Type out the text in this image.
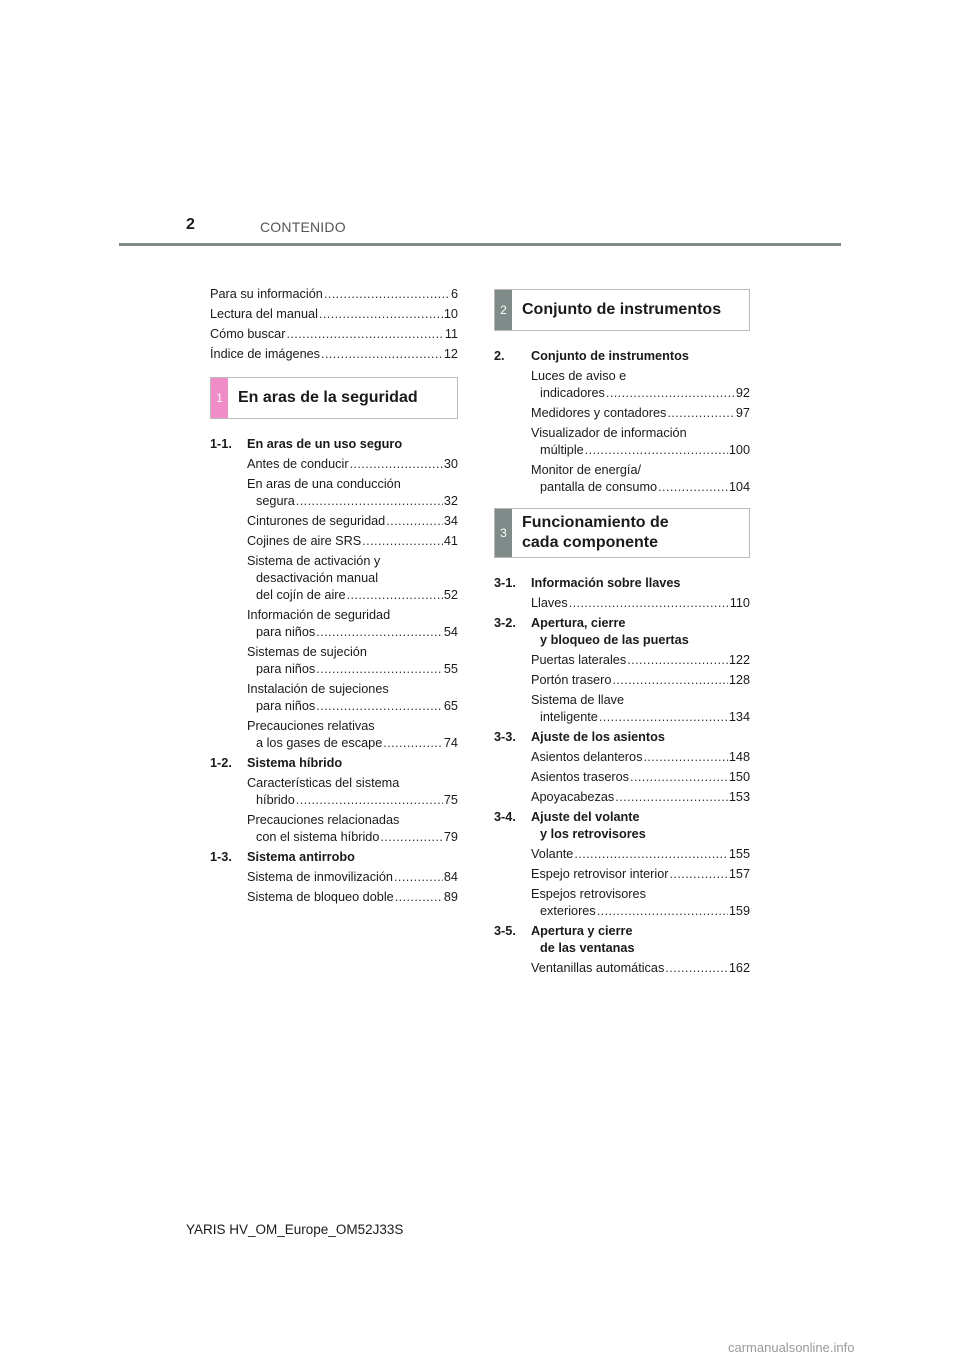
2	CONTENIDO
Para su información .....	6
Lectura del manual .....	10
Cómo buscar .....	11
Índice de imágenes .....	12
1 En aras de la seguridad
1-1.	En aras de un uso seguro
Antes de conducir .....	30
En aras de una conducción
segura .....	32
Cinturones de seguridad .....	34
Cojines de aire SRS .....	41
Sistema de activación y
desactivación manual
del cojín de aire .....	52
Información de seguridad
para niños .....	54
Sistemas de sujeción
para niños .....	55
Instalación de sujeciones
para niños .....	65
Precauciones relativas
a los gases de escape .....	74
1-2.	Sistema híbrido
Características del sistema
híbrido .....	75
Precauciones relacionadas
con el sistema híbrido .....	79
1-3.	Sistema antirrobo
Sistema de inmovilización .....	84
Sistema de bloqueo doble .....	89
2 Conjunto de instrumentos
2.	Conjunto de instrumentos
Luces de aviso e
indicadores .....	92
Medidores y contadores .....	97
Visualizador de información
múltiple .....	100
Monitor de energía/
pantalla de consumo .....	104
3
Funcionamiento de
cada componente
3-1.	Información sobre llaves
Llaves .....	110
3-2.	Apertura, cierre
y bloqueo de las puertas
Puertas laterales .....	122
Portón trasero .....	128
Sistema de llave
inteligente .....	134
3-3.	Ajuste de los asientos
Asientos delanteros .....	148
Asientos traseros .....	150
Apoyacabezas .....	153
3-4.	Ajuste del volante
y los retrovisores
Volante .....	155
Espejo retrovisor interior .....	157
Espejos retrovisores
exteriores .....	159
3-5.	Apertura y cierre
de las ventanas
Ventanillas automáticas .....	162
YARIS HV_OM_Europe_OM52J33S
carmanualsonline.info
